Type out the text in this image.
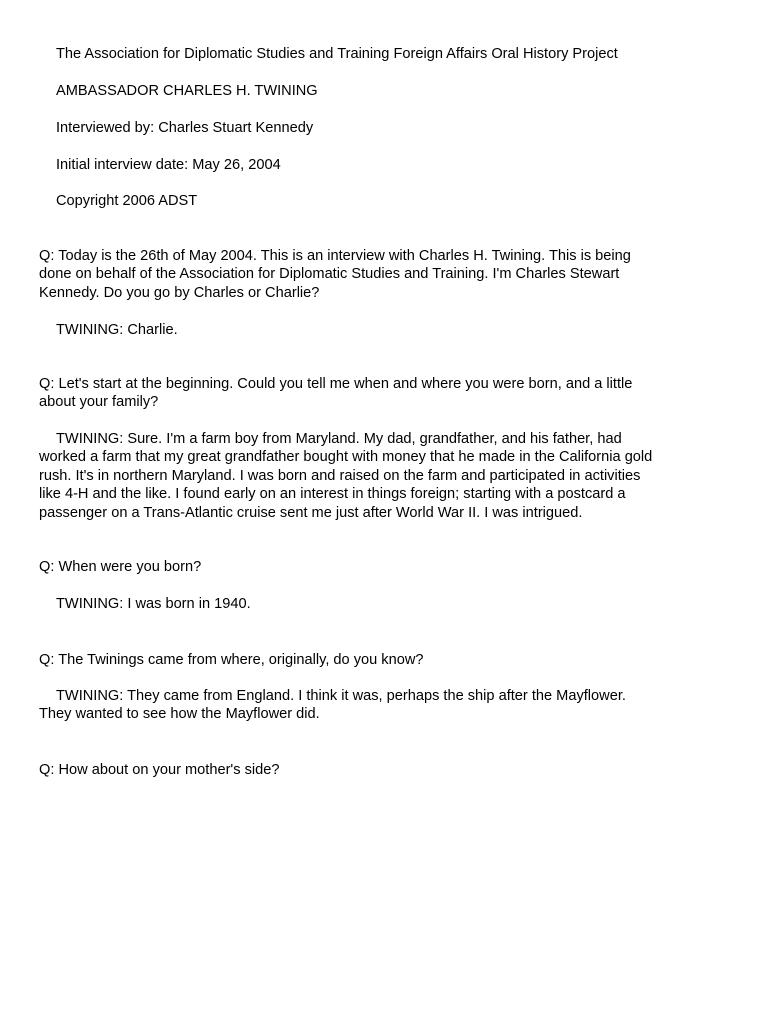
The Association for Diplomatic Studies and Training Foreign Affairs Oral History Project

AMBASSADOR CHARLES H. TWINING

Interviewed by: Charles Stuart Kennedy

Initial interview date: May 26, 2004

Copyright 2006 ADST

Q: Today is the 26th of May 2004. This is an interview with Charles H. Twining. This is being
done on behalf of the Association for Diplomatic Studies and Training. I'm Charles Stewart
Kennedy. Do you go by Charles or Charlie?

TWINING: Charlie.

Q: Let's start at the beginning. Could you tell me when and where you were born, and a little
about your family?

TWINING: Sure. I'm a farm boy from Maryland. My dad, grandfather, and his father, had
worked a farm that my great grandfather bought with money that he made in the California gold
rush. It's in northern Maryland. I was born and raised on the farm and participated in activities
like 4-H and the like. I found early on an interest in things foreign; starting with a postcard a
passenger on a Trans-Atlantic cruise sent me just after World War II. I was intrigued.

Q: When were you born?

TWINING: I was born in 1940.

Q: The Twinings came from where, originally, do you know?

TWINING: They came from England. I think it was, perhaps the ship after the Mayflower.
They wanted to see how the Mayflower did.

Q: How about on your mother's side?
